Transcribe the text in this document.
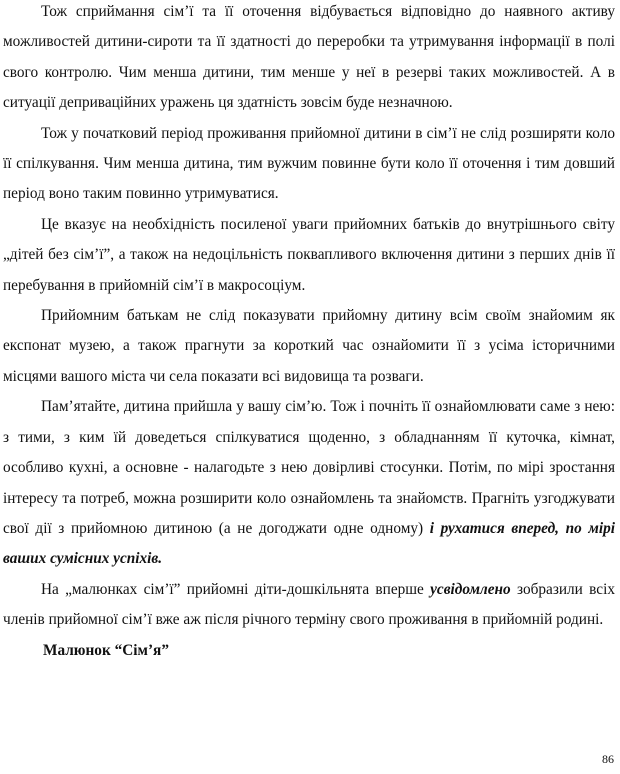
Тож сприймання сім’ї та її оточення відбувається відповідно до наявного активу можливостей дитини-сироти та її здатності до переробки та утримування інформації в полі свого контролю. Чим менша дитини, тим менше у неї в резерві таких можливостей. А в ситуації деприваційних уражень ця здатність зовсім буде незначною.

Тож у початковий період проживання прийомної дитини в сім’ї не слід розширяти коло її спілкування. Чим менша дитина, тим вужчим повинне бути коло її оточення і тим довший період воно таким повинно утримуватися.

Це вказує на необхідність посиленої уваги прийомних батьків до внутрішнього світу „дітей без сім’ї”, а також на недоцільність поквапливого включення дитини з перших днів її перебування в прийомній сім’ї в макросоціум.

Прийомним батькам не слід показувати прийомну дитину всім своїм знайомим як експонат музею, а також прагнути за короткий час ознайомити її з усіма історичними місцями вашого міста чи села показати всі видовища та розваги.

Пам’ятайте, дитина прийшла у вашу сім’ю. Тож і почніть її ознайомлювати саме з нею: з тими, з ким їй доведеться спілкуватися щоденно, з обладнанням її куточка, кімнат, особливо кухні, а основне - налагодьте з нею довірливі стосунки. Потім, по мірі зростання інтересу та потреб, можна розширити коло ознайомлень та знайомств. Прагніть узгоджувати свої дії з прийомною дитиною (а не догоджати одне одному) і рухатися вперед, по мірі ваших сумісних успіхів.

На „малюнках сім’ї” прийомні діти-дошкільнята вперше усвідомлено зобразили всіх членів прийомної сім’ї вже аж після річного терміну свого проживання в прийомній родині.

Малюнок “Сім’я”

86
